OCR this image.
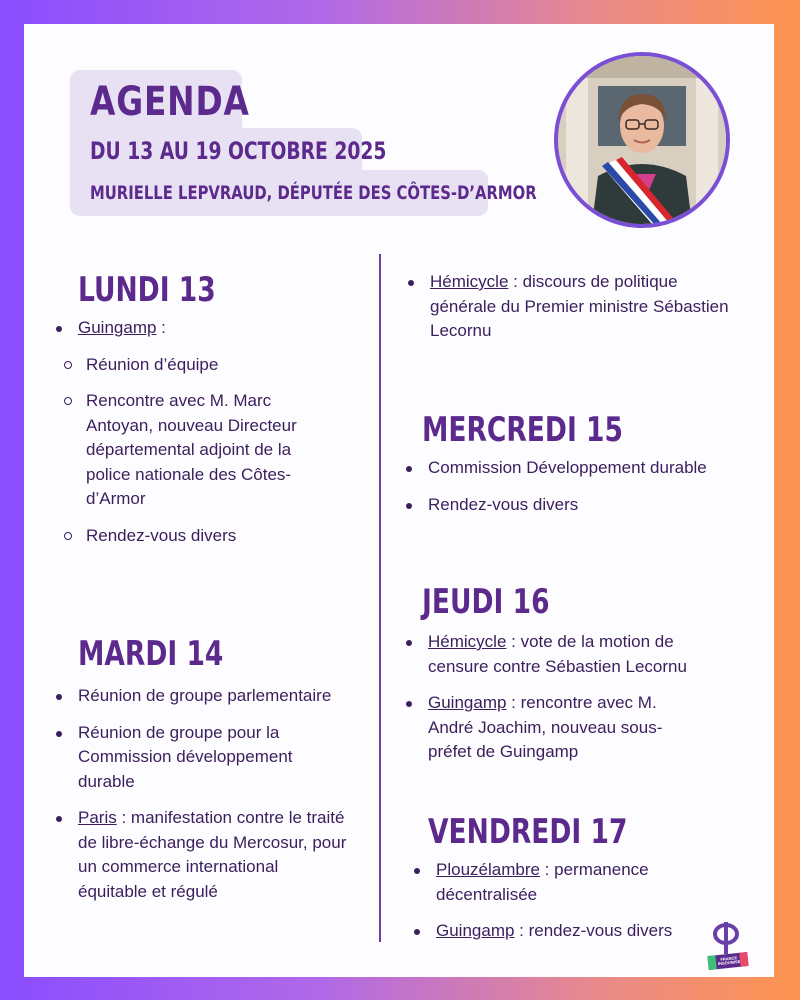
AGENDA

DU 13 AU 19 OCTOBRE 2025

MURIELLE LEPVRAUD, DÉPUTÉE DES CÔTES-D’ARMOR

LUNDI 13
Guingamp :
Réunion d’équipe
Rencontre avec M. Marc Antoyan, nouveau Directeur départemental adjoint de la police nationale des Côtes-d’Armor
Rendez-vous divers
MARDI 14
Réunion de groupe parlementaire
Réunion de groupe pour la Commission développement durable
Paris : manifestation contre le traité de libre-échange du Mercosur, pour un commerce international équitable et régulé
Hémicycle : discours de politique générale du Premier ministre Sébastien Lecornu
MERCREDI 15
Commission Développement durable
Rendez-vous divers
JEUDI 16
Hémicycle : vote de la motion de censure contre Sébastien Lecornu
Guingamp : rencontre avec M. André Joachim, nouveau sous-préfet de Guingamp
VENDREDI 17
Plouzélambre : permanence décentralisée
Guingamp : rendez-vous divers
FRANCE INSOUMISE
